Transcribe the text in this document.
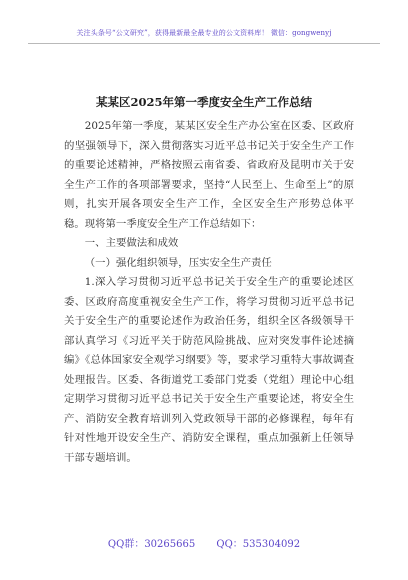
关注头条号“公文研究”，获得最新最全最专业的公文资料库！ 微信：gongwenyj
某某区2025年第一季度安全生产工作总结

2025年第一季度，某某区安全生产办公室在区委、区政府的坚强领导下，深入贯彻落实习近平总书记关于安全生产工作的重要论述精神，严格按照云南省委、省政府及昆明市关于安全生产工作的各项部署要求，坚持“人民至上、生命至上”的原则，扎实开展各项安全生产工作，全区安全生产形势总体平稳。现将第一季度安全生产工作总结如下：

一、主要做法和成效

（一）强化组织领导，压实安全生产责任

1.深入学习贯彻习近平总书记关于安全生产的重要论述区委、区政府高度重视安全生产工作，将学习贯彻习近平总书记关于安全生产的重要论述作为政治任务，组织全区各级领导干部认真学习《习近平关于防范风险挑战、应对突发事件论述摘编》《总体国家安全观学习纲要》等，要求学习重特大事故调查处理报告。区委、各街道党工委部门党委（党组）理论中心组定期学习贯彻习近平总书记关于安全生产重要论述，将安全生产、消防安全教育培训列入党政领导干部的必修课程，每年有针对性地开设安全生产、消防安全课程，重点加强新上任领导干部专题培训。

QQ群：30265665 QQ：535304092
